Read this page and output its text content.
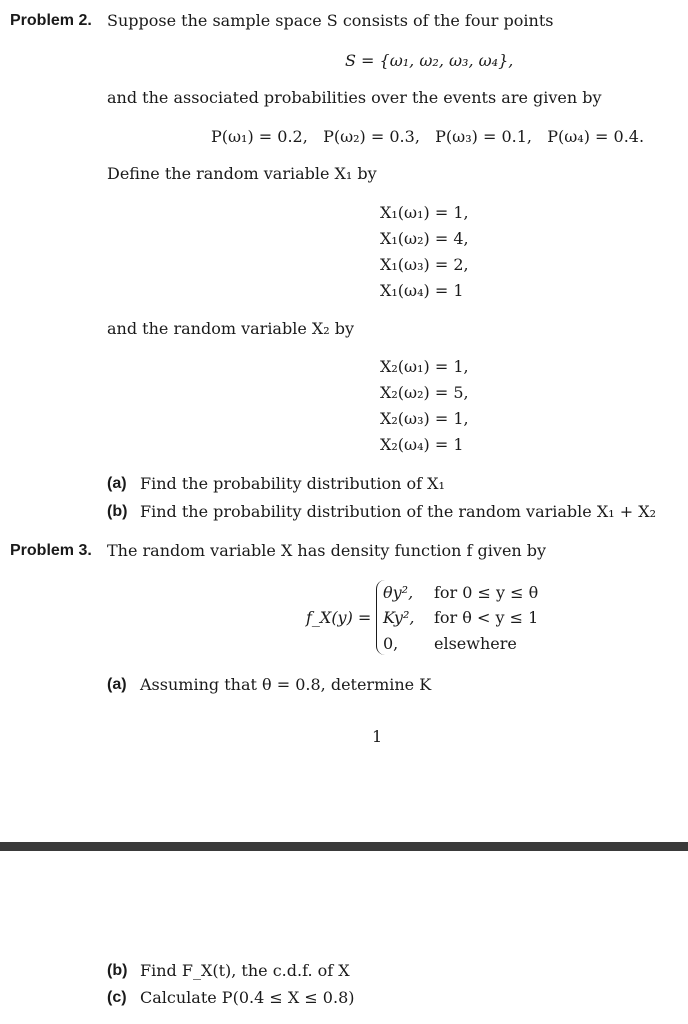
Problem 2. Suppose the sample space S consists of the four points
S = {ω₁, ω₂, ω₃, ω₄},
and the associated probabilities over the events are given by
P(ω₁) = 0.2,   P(ω₂) = 0.3,   P(ω₃) = 0.1,   P(ω₄) = 0.4.
Define the random variable X₁ by
X₁(ω₁) = 1,
X₁(ω₂) = 4,
X₁(ω₃) = 2,
X₁(ω₄) = 1
and the random variable X₂ by
X₂(ω₁) = 1,
X₂(ω₂) = 5,
X₂(ω₃) = 1,
X₂(ω₄) = 1
(a) Find the probability distribution of X₁
(b) Find the probability distribution of the random variable X₁ + X₂
Problem 3. The random variable X has density function f given by
f_X(y) =
θy², for 0 ≤ y ≤ θ
Ky², for θ < y ≤ 1
0, elsewhere
(a) Assuming that θ = 0.8, determine K
1
(b) Find F_X(t), the c.d.f. of X
(c) Calculate P(0.4 ≤ X ≤ 0.8)
